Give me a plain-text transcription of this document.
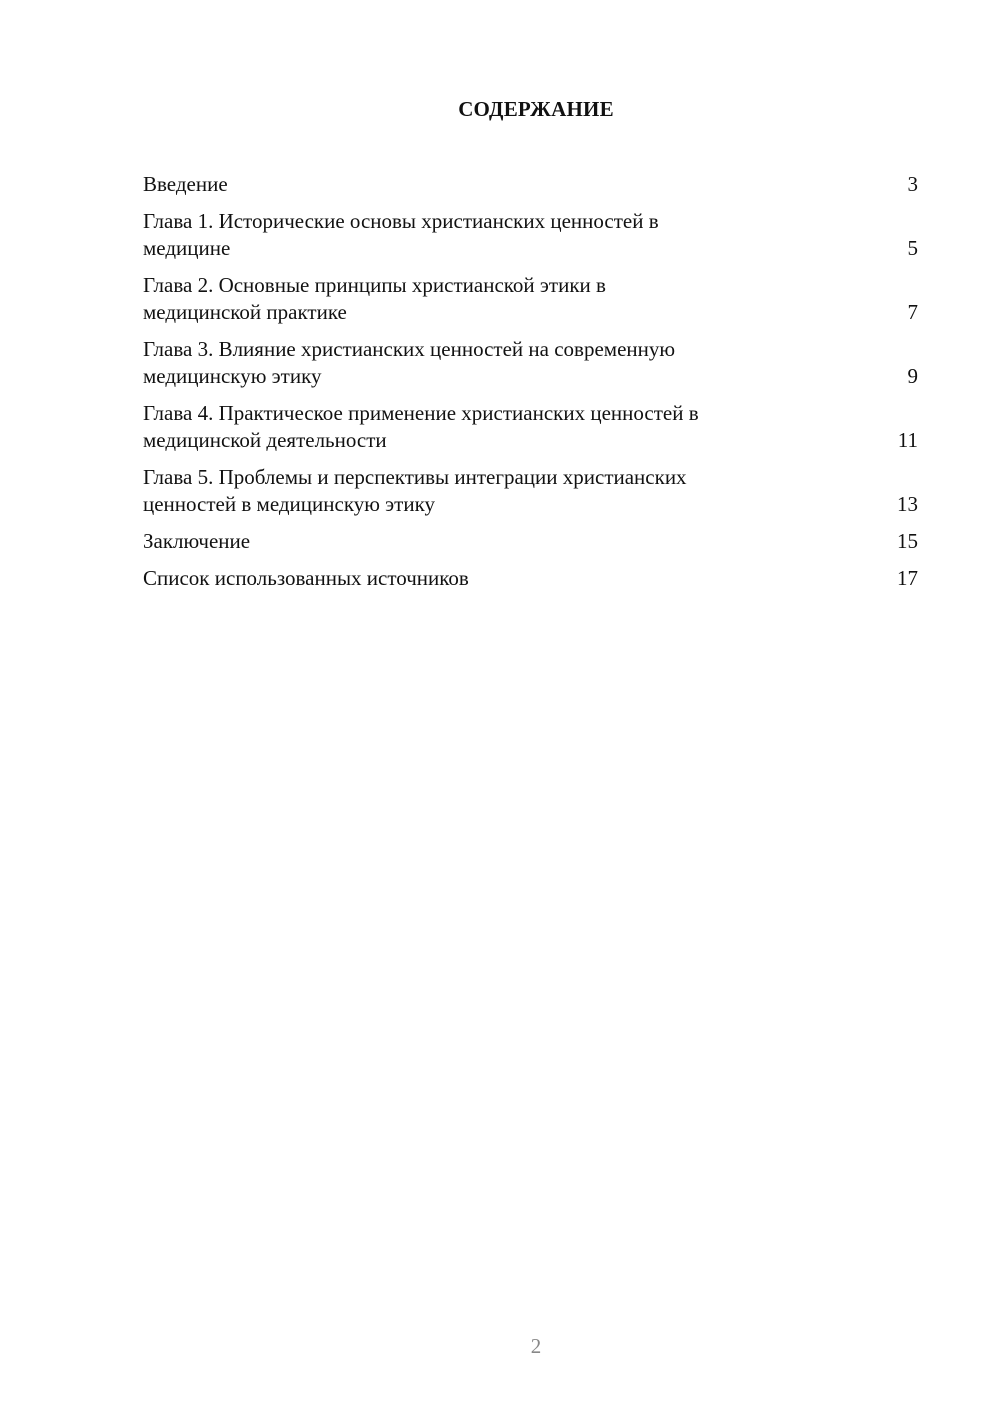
СОДЕРЖАНИЕ
Введение	3
Глава 1. Исторические основы христианских ценностей в
медицине	5
Глава 2. Основные принципы христианской этики в
медицинской практике	7
Глава 3. Влияние христианских ценностей на современную
медицинскую этику	9
Глава 4. Практическое применение христианских ценностей в
медицинской деятельности	11
Глава 5. Проблемы и перспективы интеграции христианских
ценностей в медицинскую этику	13
Заключение	15
Список использованных источников	17
2
